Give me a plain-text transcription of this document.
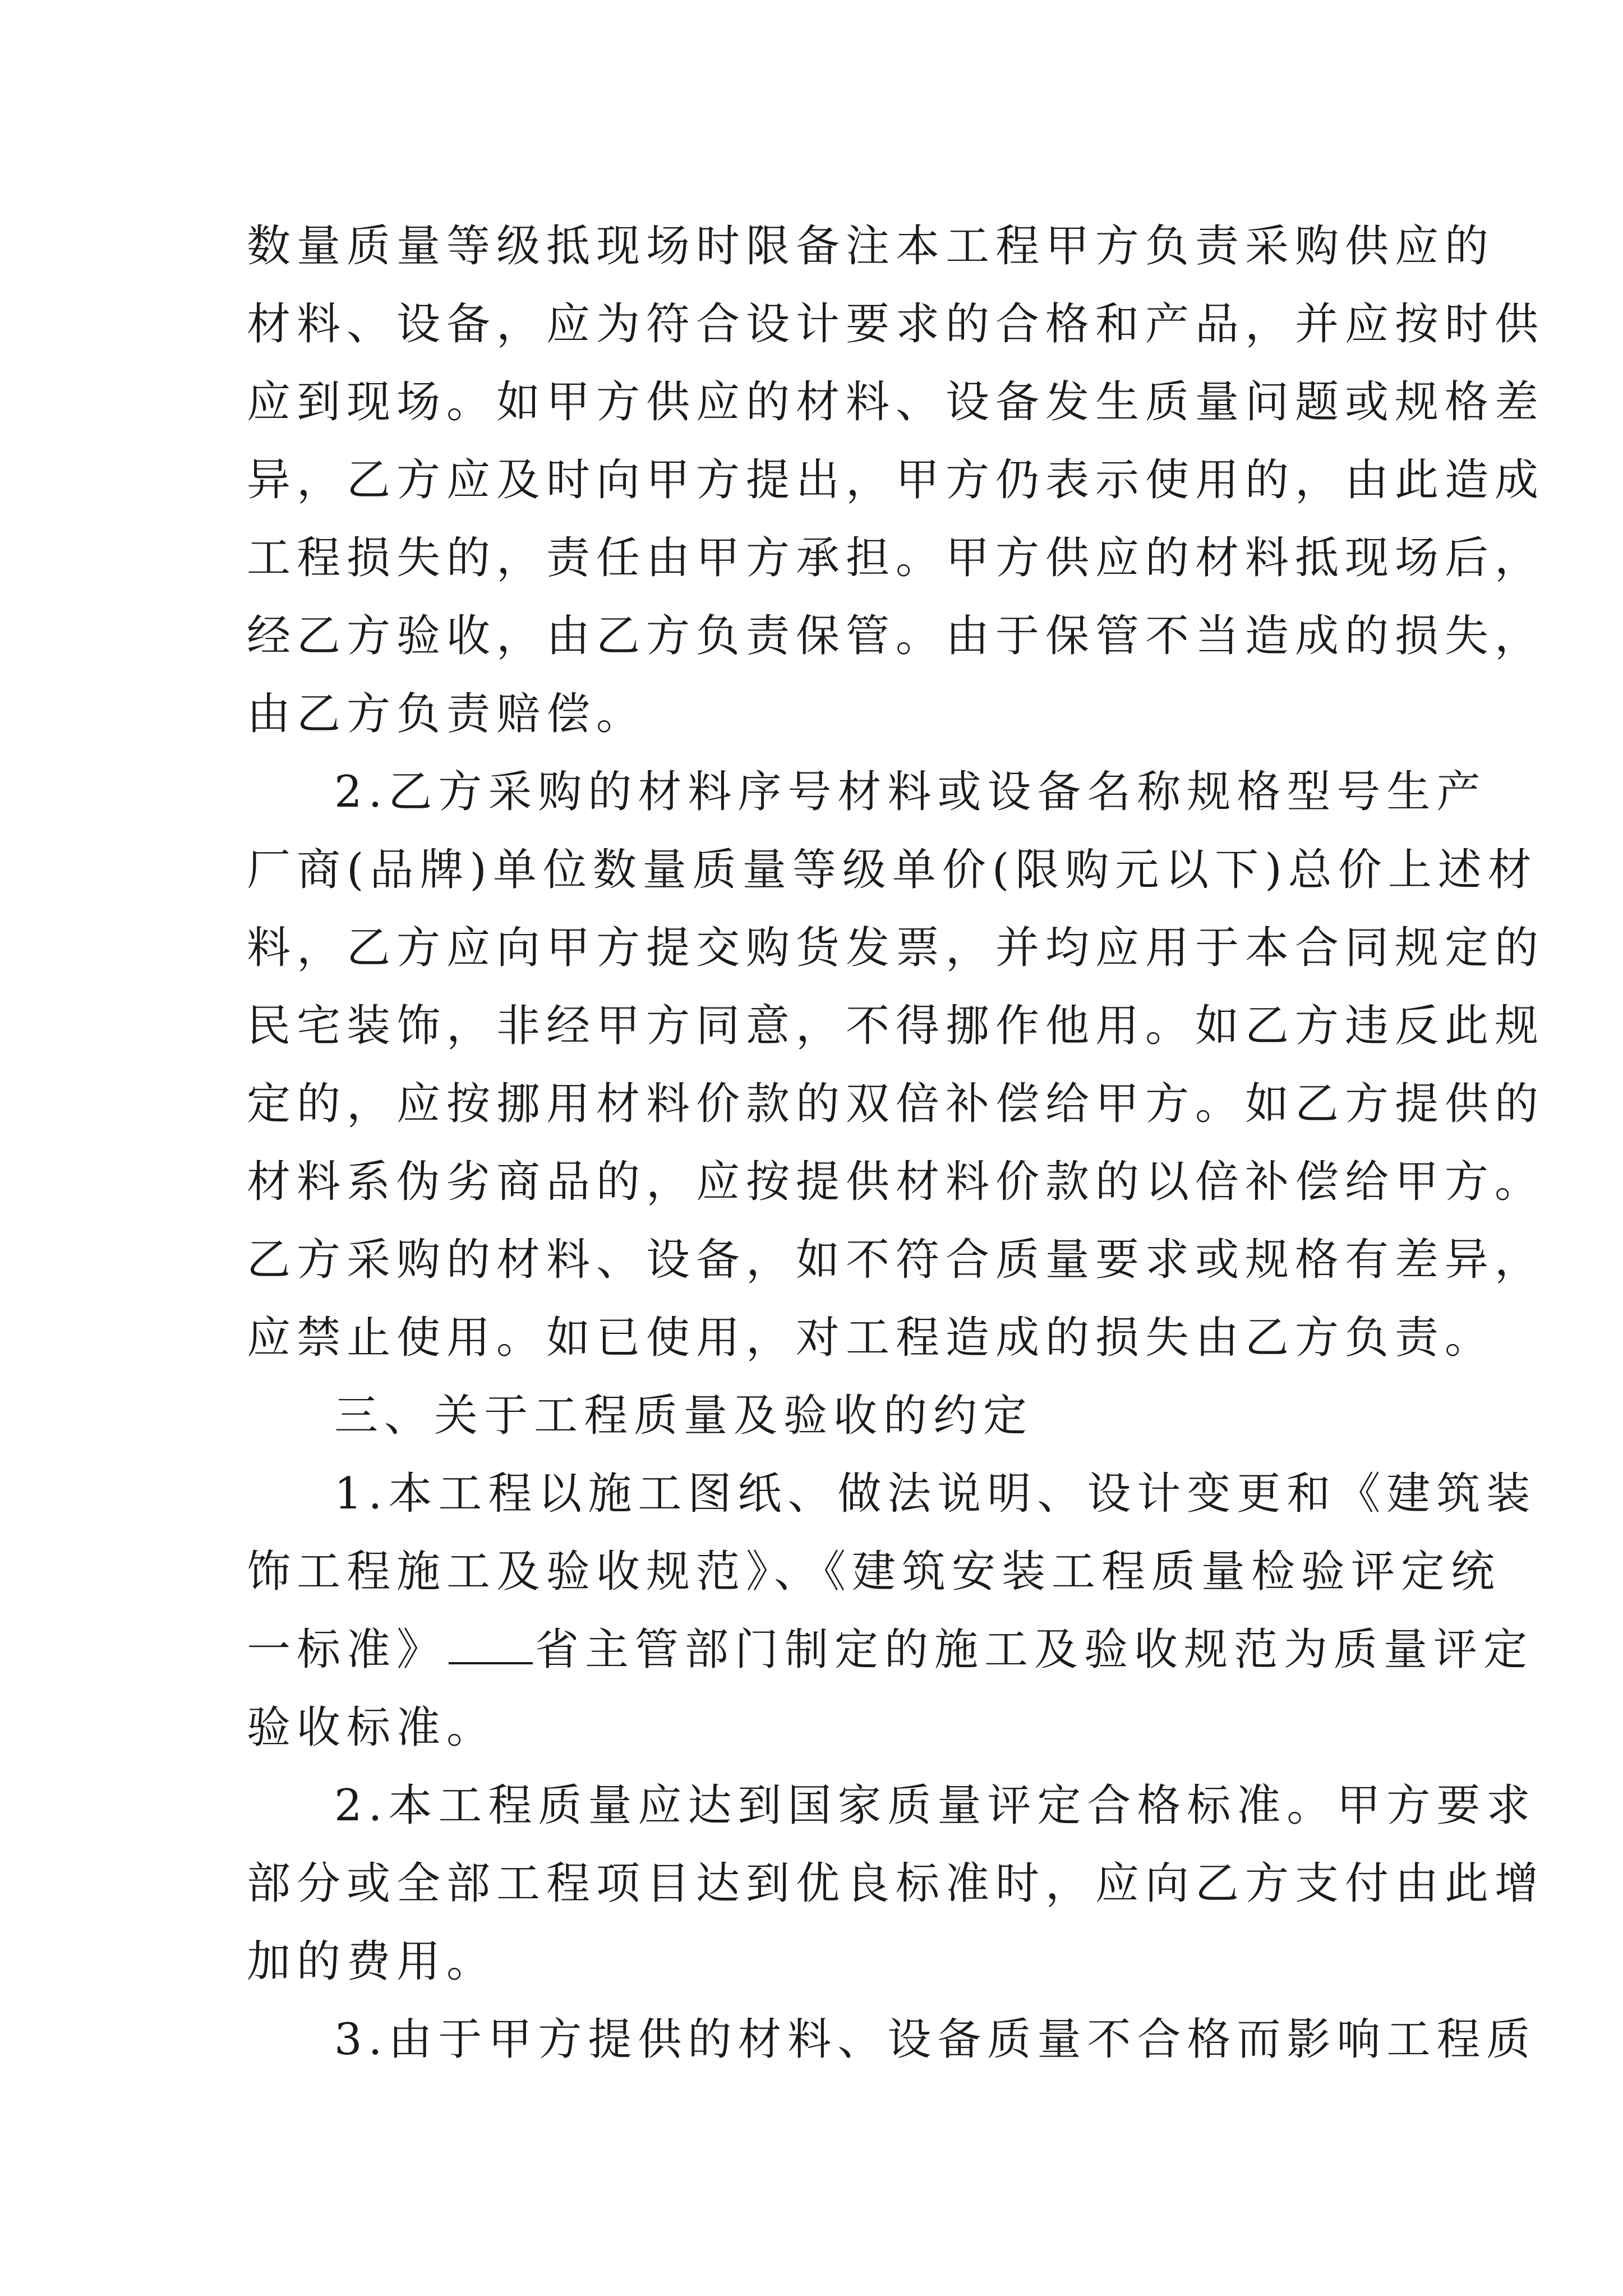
数量质量等级抵现场时限备注本工程甲方负责采购供应的
材料、设备，应为符合设计要求的合格和产品，并应按时供
应到现场。如甲方供应的材料、设备发生质量问题或规格差
异，乙方应及时向甲方提出，甲方仍表示使用的，由此造成
工程损失的，责任由甲方承担。甲方供应的材料抵现场后，
经乙方验收，由乙方负责保管。由于保管不当造成的损失，
由乙方负责赔偿。
2.乙方采购的材料序号材料或设备名称规格型号生产
厂商(品牌)单位数量质量等级单价(限购元以下)总价上述材
料，乙方应向甲方提交购货发票，并均应用于本合同规定的
民宅装饰，非经甲方同意，不得挪作他用。如乙方违反此规
定的，应按挪用材料价款的双倍补偿给甲方。如乙方提供的
材料系伪劣商品的，应按提供材料价款的以倍补偿给甲方。
乙方采购的材料、设备，如不符合质量要求或规格有差异，
应禁止使用。如已使用，对工程造成的损失由乙方负责。
三、关于工程质量及验收的约定
1.本工程以施工图纸、做法说明、设计变更和《建筑装
饰工程施工及验收规范》、《建筑安装工程质量检验评定统
一标准》 省主管部门制定的施工及验收规范为质量评定
验收标准。
2.本工程质量应达到国家质量评定合格标准。甲方要求
部分或全部工程项目达到优良标准时，应向乙方支付由此增
加的费用。
3.由于甲方提供的材料、设备质量不合格而影响工程质
